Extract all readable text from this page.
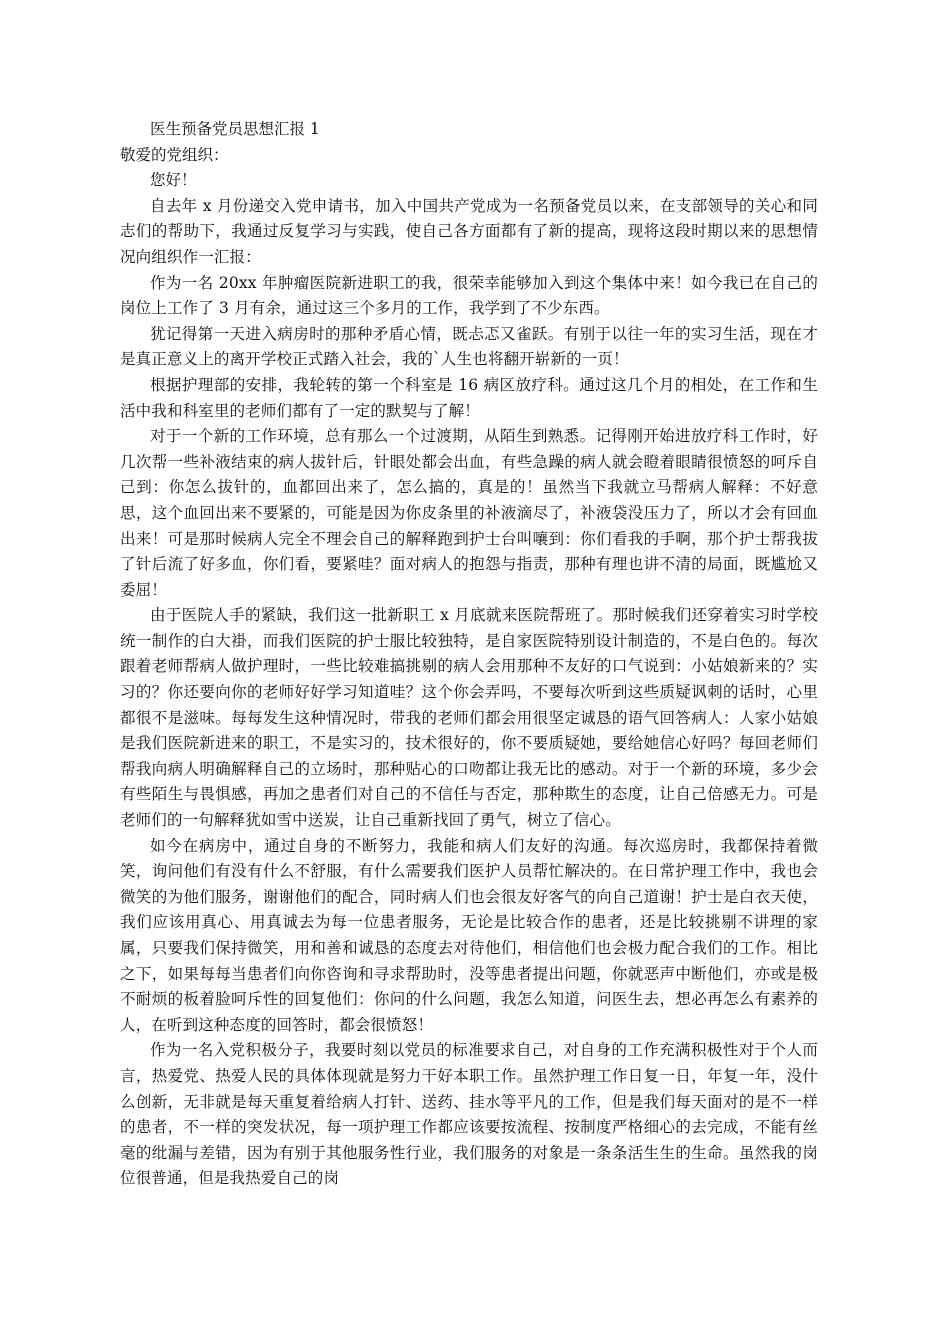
医生预备党员思想汇报 1

敬爱的党组织：

您好！

自去年 x 月份递交入党申请书，加入中国共产党成为一名预备党员以来，在支部领导的关心和同志们的帮助下，我通过反复学习与实践，使自己各方面都有了新的提高，现将这段时期以来的思想情况向组织作一汇报：

作为一名 20xx 年肿瘤医院新进职工的我，很荣幸能够加入到这个集体中来！如今我已在自己的岗位上工作了 3 月有余，通过这三个多月的工作，我学到了不少东西。

犹记得第一天进入病房时的那种矛盾心情，既忐忑又雀跃。有别于以往一年的实习生活，现在才是真正意义上的离开学校正式踏入社会，我的`人生也将翻开崭新的一页！

根据护理部的安排，我轮转的第一个科室是 16 病区放疗科。通过这几个月的相处，在工作和生活中我和科室里的老师们都有了一定的默契与了解！

对于一个新的工作环境，总有那么一个过渡期，从陌生到熟悉。记得刚开始进放疗科工作时，好几次帮一些补液结束的病人拔针后，针眼处都会出血，有些急躁的病人就会瞪着眼睛很愤怒的呵斥自己到：你怎么拔针的，血都回出来了，怎么搞的，真是的！虽然当下我就立马帮病人解释：不好意思，这个血回出来不要紧的，可能是因为你皮条里的补液滴尽了，补液袋没压力了，所以才会有回血出来！可是那时候病人完全不理会自己的解释跑到护士台叫嚷到：你们看我的手啊，那个护士帮我拔了针后流了好多血，你们看，要紧哇？面对病人的抱怨与指责，那种有理也讲不清的局面，既尴尬又委屈！

由于医院人手的紧缺，我们这一批新职工 x 月底就来医院帮班了。那时候我们还穿着实习时学校统一制作的白大褂，而我们医院的护士服比较独特，是自家医院特别设计制造的，不是白色的。每次跟着老师帮病人做护理时，一些比较难搞挑剔的病人会用那种不友好的口气说到：小姑娘新来的？实习的？你还要向你的老师好好学习知道哇？这个你会弄吗，不要每次听到这些质疑讽刺的话时，心里都很不是滋味。每每发生这种情况时，带我的老师们都会用很坚定诚恳的语气回答病人：人家小姑娘是我们医院新进来的职工，不是实习的，技术很好的，你不要质疑她，要给她信心好吗？每回老师们帮我向病人明确解释自己的立场时，那种贴心的口吻都让我无比的感动。对于一个新的环境，多少会有些陌生与畏惧感，再加之患者们对自己的不信任与否定，那种欺生的态度，让自己倍感无力。可是老师们的一句解释犹如雪中送炭，让自己重新找回了勇气，树立了信心。

如今在病房中，通过自身的不断努力，我能和病人们友好的沟通。每次巡房时，我都保持着微笑，询问他们有没有什么不舒服，有什么需要我们医护人员帮忙解决的。在日常护理工作中，我也会微笑的为他们服务，谢谢他们的配合，同时病人们也会很友好客气的向自己道谢！护士是白衣天使，我们应该用真心、用真诚去为每一位患者服务，无论是比较合作的患者，还是比较挑剔不讲理的家属，只要我们保持微笑，用和善和诚恳的态度去对待他们，相信他们也会极力配合我们的工作。相比之下，如果每每当患者们向你咨询和寻求帮助时，没等患者提出问题，你就恶声中断他们，亦或是极不耐烦的板着脸呵斥性的回复他们：你问的什么问题，我怎么知道，问医生去，想必再怎么有素养的人，在听到这种态度的回答时，都会很愤怒！

作为一名入党积极分子，我要时刻以党员的标准要求自己，对自身的工作充满积极性对于个人而言，热爱党、热爱人民的具体体现就是努力干好本职工作。虽然护理工作日复一日，年复一年，没什么创新，无非就是每天重复着给病人打针、送药、挂水等平凡的工作，但是我们每天面对的是不一样的患者，不一样的突发状况，每一项护理工作都应该要按流程、按制度严格细心的去完成，不能有丝毫的纰漏与差错，因为有别于其他服务性行业，我们服务的对象是一条条活生生的生命。虽然我的岗位很普通，但是我热爱自己的岗
